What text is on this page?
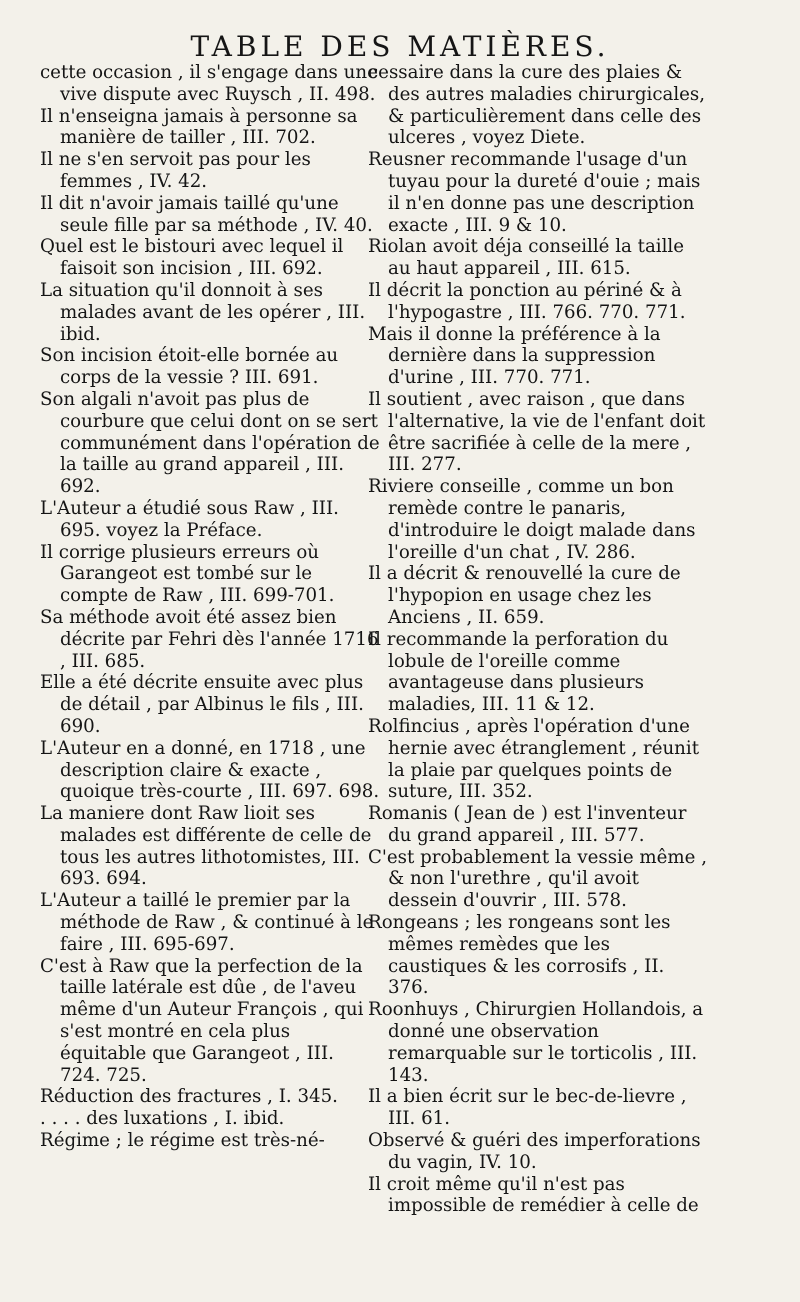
TABLE DES MATIÈRES.
cette occasion , il s'engage dans une vive dispute avec Ruysch , II. 498.
Il n'enseigna jamais à personne sa manière de tailler , III. 702.
Il ne s'en servoit pas pour les femmes , IV. 42.
Il dit n'avoir jamais taillé qu'une seule fille par sa méthode , IV. 40.
Quel est le bistouri avec lequel il faisoit son incision , III. 692.
La situation qu'il donnoit à ses malades avant de les opérer , III. ibid.
Son incision étoit-elle bornée au corps de la vessie ? III. 691.
Son algali n'avoit pas plus de courbure que celui dont on se sert communément dans l'opération de la taille au grand appareil , III. 692.
L'Auteur a étudié sous Raw , III. 695. voyez la Préface.
Il corrige plusieurs erreurs où Garangeot est tombé sur le compte de Raw , III. 699-701.
Sa méthode avoit été assez bien décrite par Fehri dès l'année 1716 , III. 685.
Elle a été décrite ensuite avec plus de détail , par Albinus le fils , III. 690.
L'Auteur en a donné, en 1718 , une description claire & exacte , quoique très-courte , III. 697. 698.
La maniere dont Raw lioit ses malades est différente de celle de tous les autres lithotomistes, III. 693. 694.
L'Auteur a taillé le premier par la méthode de Raw , & continué à le faire , III. 695-697.
C'est à Raw que la perfection de la taille latérale est dûe , de l'aveu même d'un Auteur François , qui s'est montré en cela plus équitable que Garangeot , III. 724. 725.
Réduction des fractures , I. 345.
. . . . des luxations , I. ibid.
Régime ; le régime est très-né-
cessaire dans la cure des plaies & des autres maladies chirurgicales, & particulièrement dans celle des ulceres , voyez Diete.
Reusner recommande l'usage d'un tuyau pour la dureté d'ouie ; mais il n'en donne pas une description exacte , III. 9 & 10.
Riolan avoit déja conseillé la taille au haut appareil , III. 615.
Il décrit la ponction au périné & à l'hypogastre , III. 766. 770. 771.
Mais il donne la préférence à la dernière dans la suppression d'urine , III. 770. 771.
Il soutient , avec raison , que dans l'alternative, la vie de l'enfant doit être sacrifiée à celle de la mere , III. 277.
Riviere conseille , comme un bon remède contre le panaris, d'introduire le doigt malade dans l'oreille d'un chat , IV. 286.
Il a décrit & renouvellé la cure de l'hypopion en usage chez les Anciens , II. 659.
Il recommande la perforation du lobule de l'oreille comme avantageuse dans plusieurs maladies, III. 11 & 12.
Rolfincius , après l'opération d'une hernie avec étranglement , réunit la plaie par quelques points de suture, III. 352.
Romanis ( Jean de ) est l'inventeur du grand appareil , III. 577.
C'est probablement la vessie même , & non l'urethre , qu'il avoit dessein d'ouvrir , III. 578.
Rongeans ; les rongeans sont les mêmes remèdes que les caustiques & les corrosifs , II. 376.
Roonhuys , Chirurgien Hollandois, a donné une observation remarquable sur le torticolis , III. 143.
Il a bien écrit sur le bec-de-lievre , III. 61.
Observé & guéri des imperforations du vagin, IV. 10.
Il croit même qu'il n'est pas impossible de remédier à celle de
